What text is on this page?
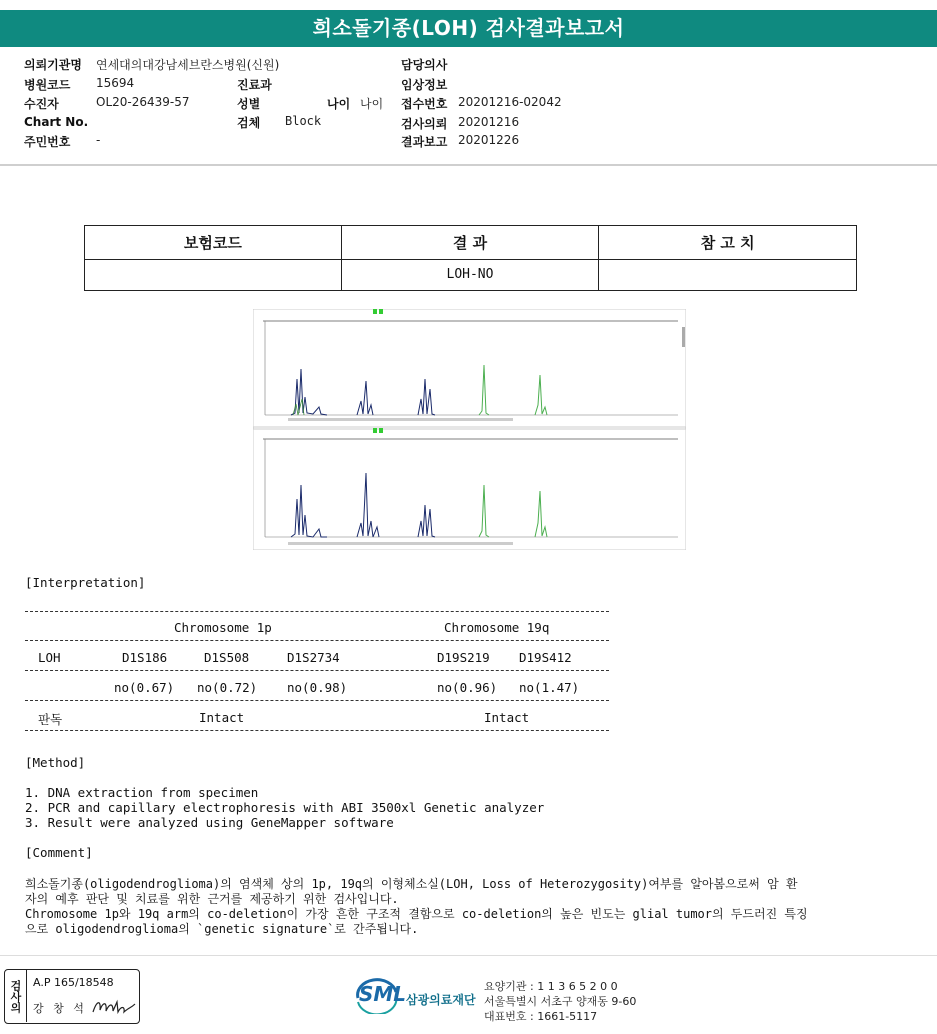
희소돌기종(LOH) 검사결과보고서
의뢰기관명 연세대의대강남세브란스병원(신원)
병원코드 15694
수진자	OL20-26439-57
Chart No.
주민번호 -
진료과
성별	나이 나이
검체 Block
담당의사
임상정보
접수번호 20201216-02042
검사의뢰 20201216
결과보고 20201226
보험코드	결 과	참 고 치
	LOH-NO	
[Interpretation]
Chromosome 1p	Chromosome 19q
LOH	D1S186	D1S508	D1S2734	D19S219 D19S412
no(0.67) no(0.72) no(0.98)	no(0.96) no(1.47)
판독	Intact	Intact
[Method]
1. DNA extraction from specimen
2. PCR and capillary electrophoresis with ABI 3500xl Genetic analyzer
3. Result were analyzed using GeneMapper software
[Comment]
희소돌기종(oligodendroglioma)의 염색체 상의 1p, 19q의 이형체소실(LOH, Loss of Heterozygosity)여부를 알아봄으로써 암 환
자의 예후 판단 및 치료를 위한 근거를 제공하기 위한 검사입니다.
Chromosome 1p와 19q arm의 co-deletion이 가장 흔한 구조적 결함으로 co-deletion의 높은 빈도는 glial tumor의 두드러진 특징
으로 oligodendroglioma의 `genetic signature`로 간주됩니다.
검사의	A.P 165/18548
강 창 석
SML 삼광의료재단
요양기관 : 1 1 3 6 5 2 0 0
서울특별시 서초구 양재동 9-60
대표번호 : 1661-5117
